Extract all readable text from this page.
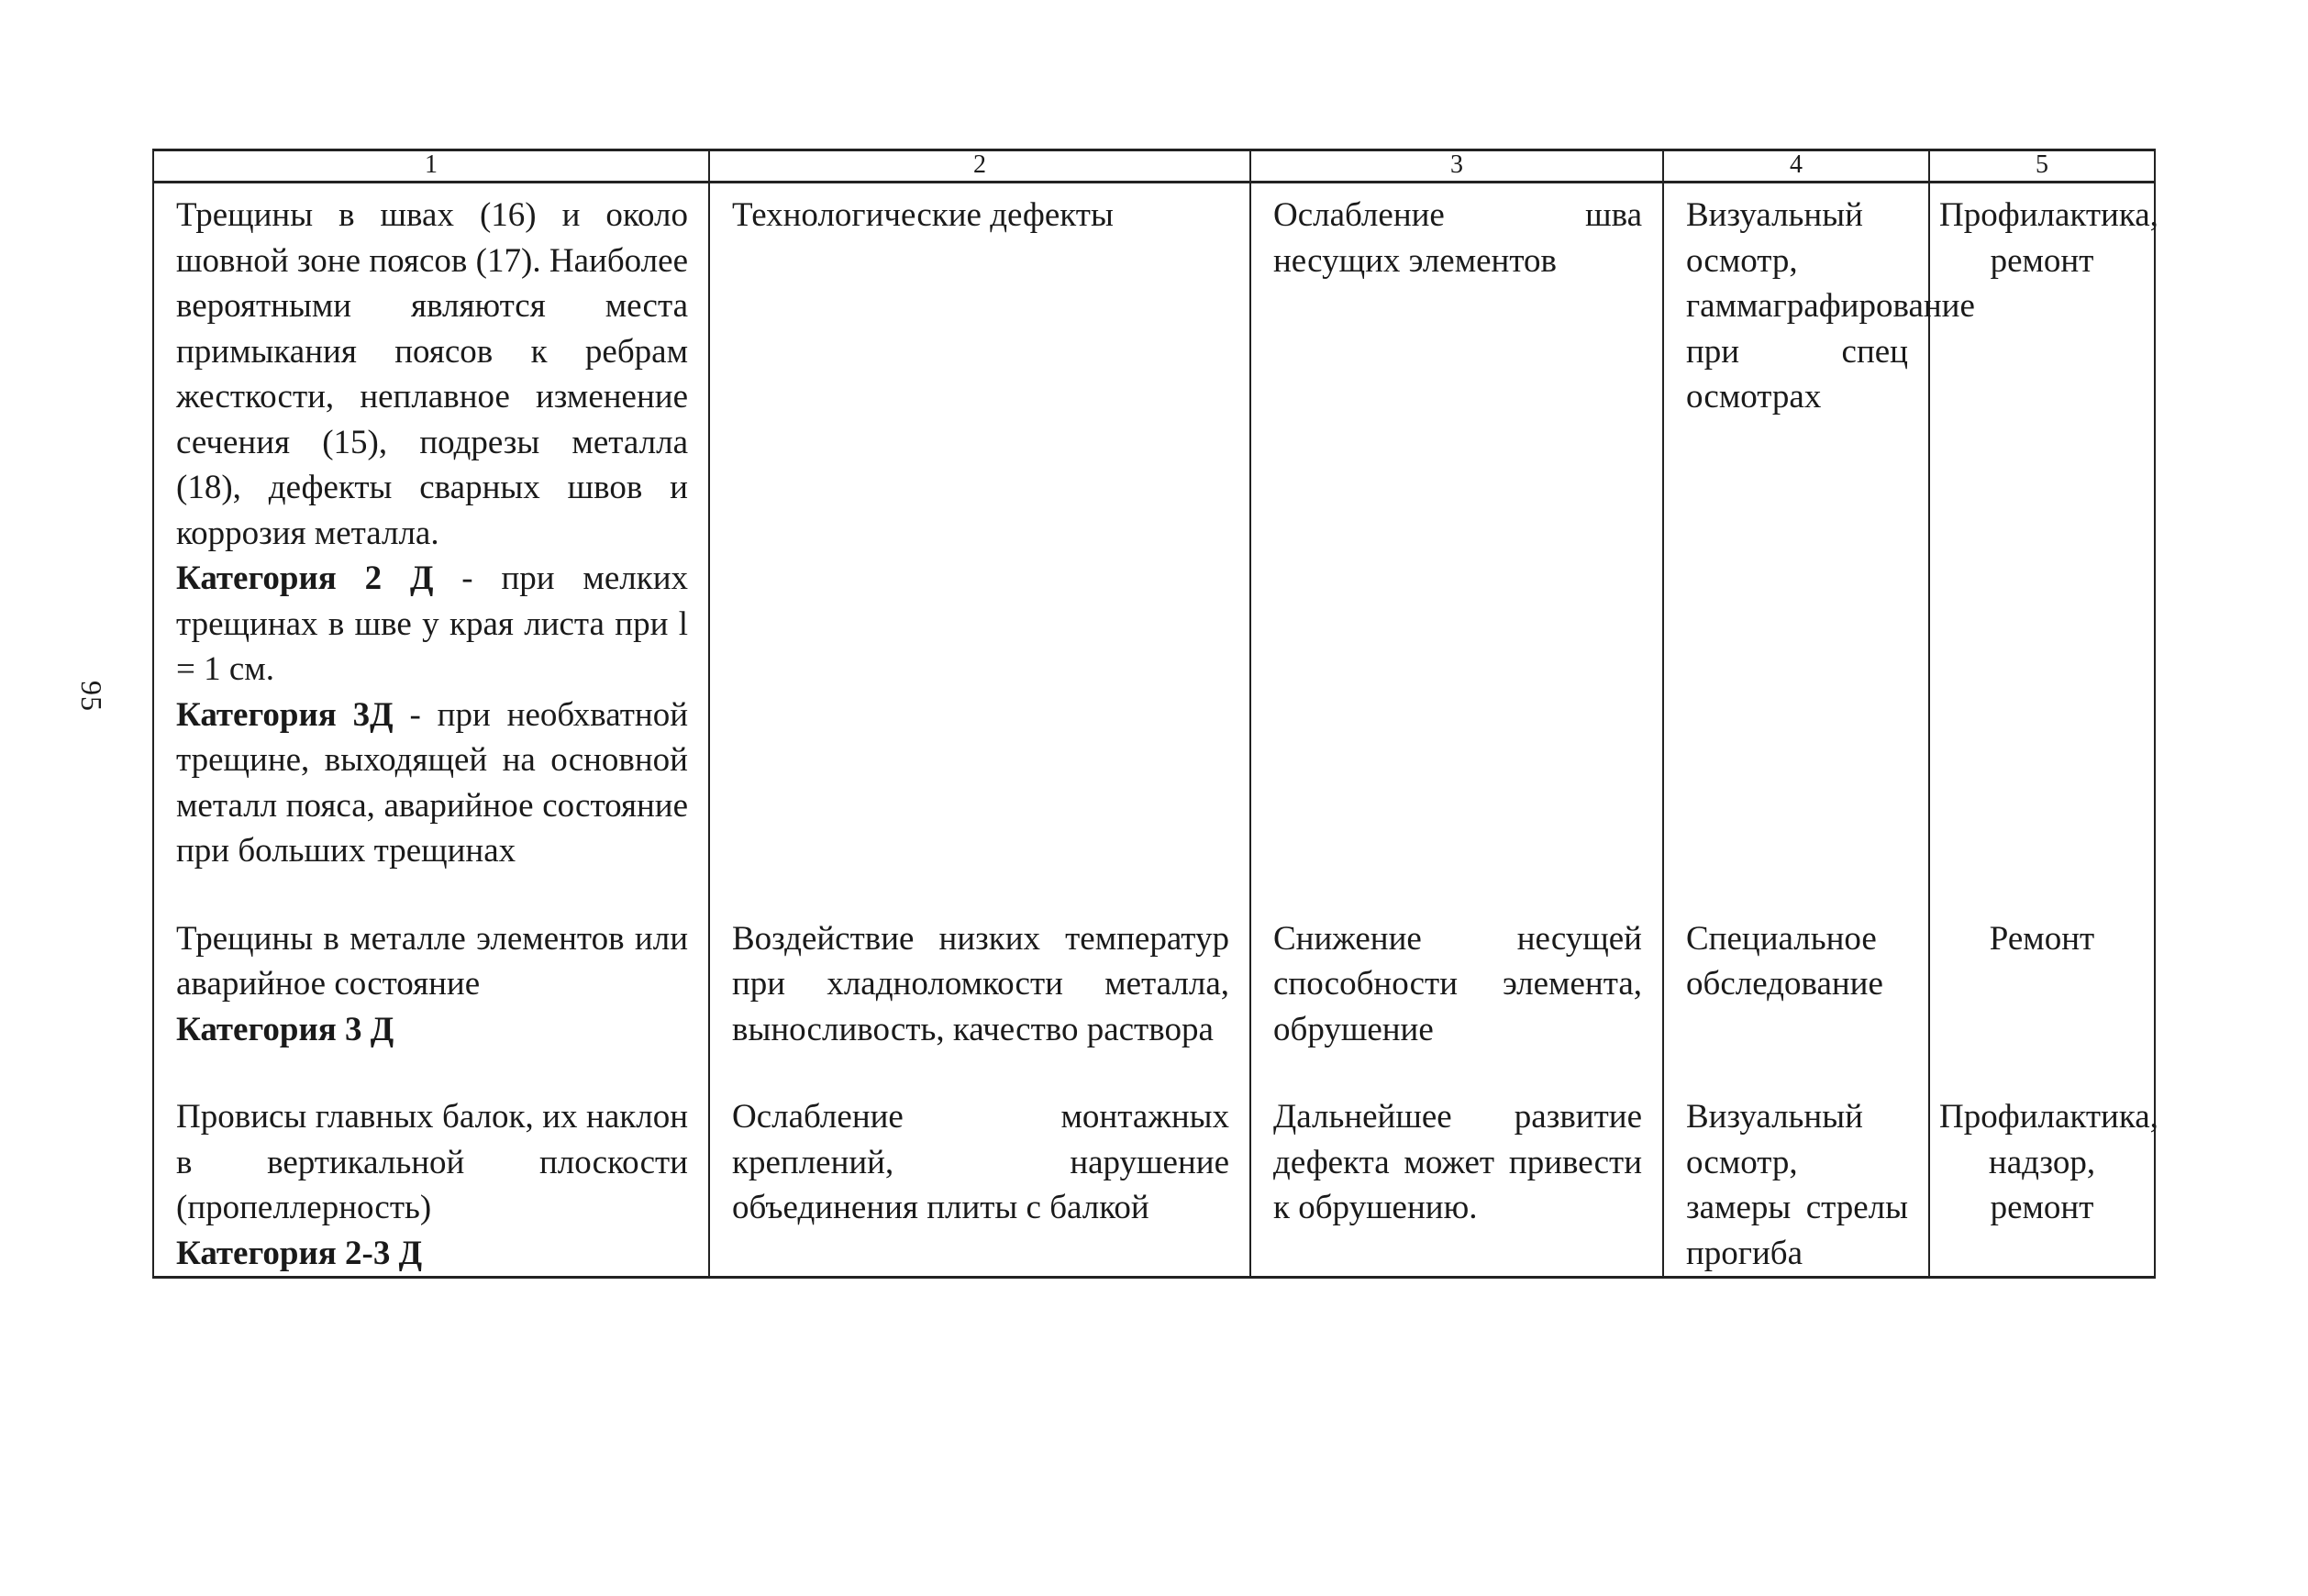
95
1	2	3	4	5

Трещины в швах (16) и около шовной зоне поясов (17). Наиболее вероятными являются места примыкания поясов к ребрам жесткости, неплавное изменение сечения (15), подрезы металла (18), дефекты сварных швов и коррозия металла.
Категория 2 Д - при мелких трещинах в шве у края листа при l = 1 см.
Категория 3Д - при необхватной трещине, выходящей на основной металл пояса, аварийное состояние при больших трещинах	Технологические дефекты	Ослабление шва несущих элементов	Визуальный осмотр, гаммаграфирование при спец осмотрах	Профилактика, ремонт

Трещины в металле элементов или аварийное состояние
Категория 3 Д	Воздействие низких температур при хладноломкости металла, выносливость, качество раствора	Снижение несущей способности элемента, обрушение	Специальное обследование	Ремонт

Провисы главных балок, их наклон в вертикальной плоскости (пропеллерность)
Категория 2-3 Д	Ослабление монтажных креплений, нарушение объединения плиты с балкой	Дальнейшее развитие дефекта может привести к обрушению.	Визуальный осмотр, замеры стрелы прогиба	Профилактика, надзор, ремонт
